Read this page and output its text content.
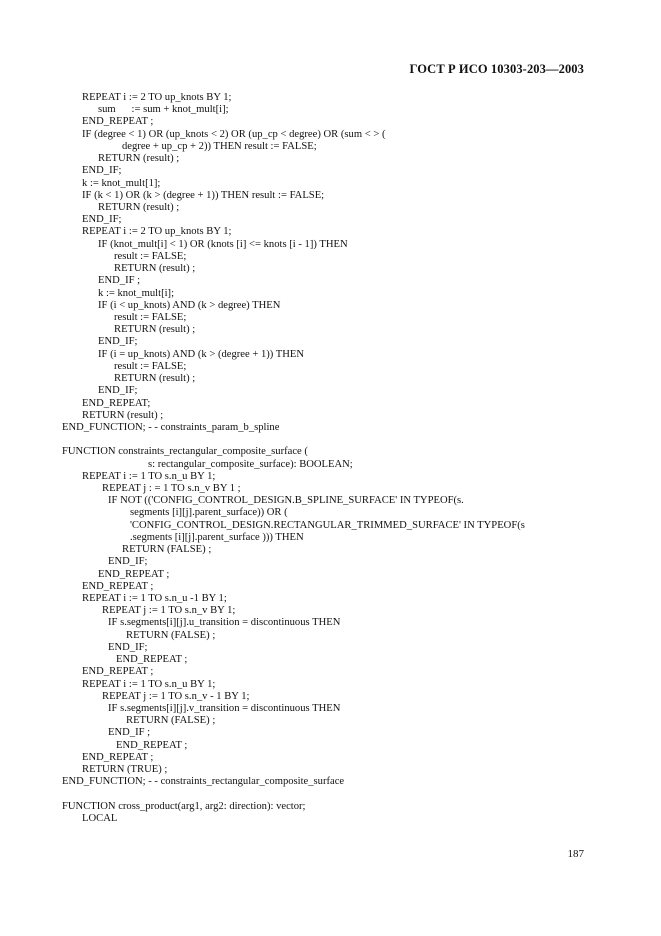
ГОСТ Р ИСО 10303-203—2003
REPEAT i := 2 TO up_knots BY 1;
sum      := sum + knot_mult[i];
END_REPEAT ;
IF (degree < 1) OR (up_knots < 2) OR (up_cp < degree) OR (sum < > (
degree + up_cp + 2)) THEN result := FALSE;
RETURN (result) ;
END_IF;
k := knot_mult[1];
IF (k < 1) OR (k > (degree + 1)) THEN result := FALSE;
RETURN (result) ;
END_IF;
REPEAT i := 2 TO up_knots BY 1;
IF (knot_mult[i] < 1) OR (knots [i] <= knots [i - 1]) THEN
result := FALSE;
RETURN (result) ;
END_IF ;
k := knot_mult[i];
IF (i < up_knots) AND (k > degree) THEN
result := FALSE;
RETURN (result) ;
END_IF;
IF (i = up_knots) AND (k > (degree + 1)) THEN
result := FALSE;
RETURN (result) ;
END_IF;
END_REPEAT;
RETURN (result) ;
END_FUNCTION; - - constraints_param_b_spline
FUNCTION constraints_rectangular_composite_surface (
s: rectangular_composite_surface): BOOLEAN;
REPEAT i := 1 TO s.n_u BY 1;
REPEAT j : = 1 TO s.n_v BY 1 ;
IF NOT (('CONFIG_CONTROL_DESIGN.B_SPLINE_SURFACE' IN TYPEOF(s.
segments [i][j].parent_surface)) OR (
'CONFIG_CONTROL_DESIGN.RECTANGULAR_TRIMMED_SURFACE' IN TYPEOF(s
.segments [i][j].parent_surface ))) THEN
RETURN (FALSE) ;
END_IF;
END_REPEAT ;
END_REPEAT ;
REPEAT i := 1 TO s.n_u -1 BY 1;
REPEAT j := 1 TO s.n_v BY 1;
IF s.segments[i][j].u_transition = discontinuous THEN
RETURN (FALSE) ;
END_IF;
END_REPEAT ;
END_REPEAT ;
REPEAT i := 1 TO s.n_u BY 1;
REPEAT j := 1 TO s.n_v - 1 BY 1;
IF s.segments[i][j].v_transition = discontinuous THEN
RETURN (FALSE) ;
END_IF ;
END_REPEAT ;
END_REPEAT ;
RETURN (TRUE) ;
END_FUNCTION; - - constraints_rectangular_composite_surface
FUNCTION cross_product(arg1, arg2: direction): vector;
LOCAL
187
